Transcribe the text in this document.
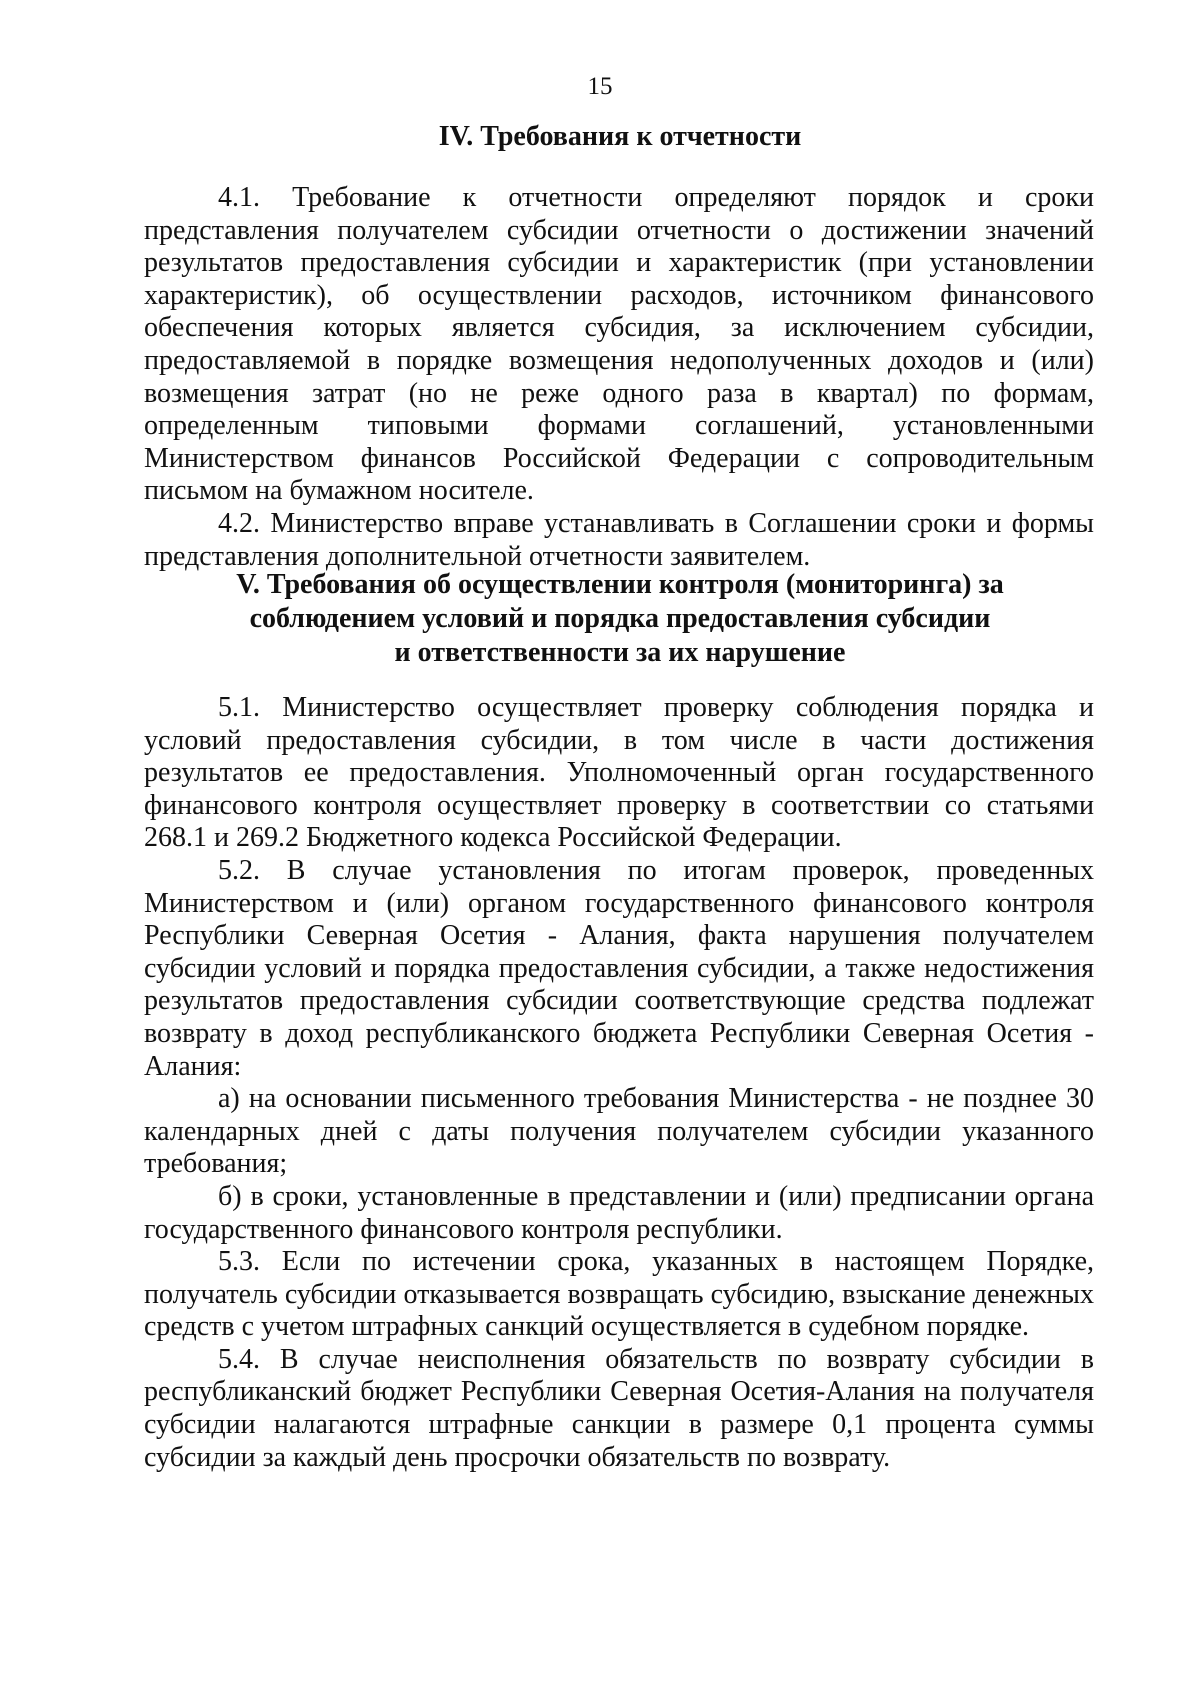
15
IV. Требования к отчетности

4.1. Требование к отчетности определяют порядок и сроки представления получателем субсидии отчетности о достижении значений результатов предоставления субсидии и характеристик (при установлении характеристик), об осуществлении расходов, источником финансового обеспечения которых является субсидия, за исключением субсидии, предоставляемой в порядке возмещения недополученных доходов и (или) возмещения затрат (но не реже одного раза в квартал) по формам, определенным типовыми формами соглашений, установленными Министерством финансов Российской Федерации с сопроводительным письмом на бумажном носителе.

4.2. Министерство вправе устанавливать в Соглашении сроки и формы представления дополнительной отчетности заявителем.

V. Требования об осуществлении контроля (мониторинга) за
соблюдением условий и порядка предоставления субсидии
и ответственности за их нарушение

5.1. Министерство осуществляет проверку соблюдения порядка и условий предоставления субсидии, в том числе в части достижения результатов ее предоставления. Уполномоченный орган государственного финансового контроля осуществляет проверку в соответствии со статьями 268.1 и 269.2 Бюджетного кодекса Российской Федерации.

5.2. В случае установления по итогам проверок, проведенных Министерством и (или) органом государственного финансового контроля Республики Северная Осетия - Алания, факта нарушения получателем субсидии условий и порядка предоставления субсидии, а также недостижения результатов предоставления субсидии соответствующие средства подлежат возврату в доход республиканского бюджета Республики Северная Осетия - Алания:

а) на основании письменного требования Министерства - не позднее 30 календарных дней с даты получения получателем субсидии указанного требования;

б) в сроки, установленные в представлении и (или) предписании органа государственного финансового контроля республики.

5.3. Если по истечении срока, указанных в настоящем Порядке, получатель субсидии отказывается возвращать субсидию, взыскание денежных средств с учетом штрафных санкций осуществляется в судебном порядке.

5.4. В случае неисполнения обязательств по возврату субсидии в республиканский бюджет Республики Северная Осетия-Алания на получателя субсидии налагаются штрафные санкции в размере 0,1 процента суммы субсидии за каждый день просрочки обязательств по возврату.
